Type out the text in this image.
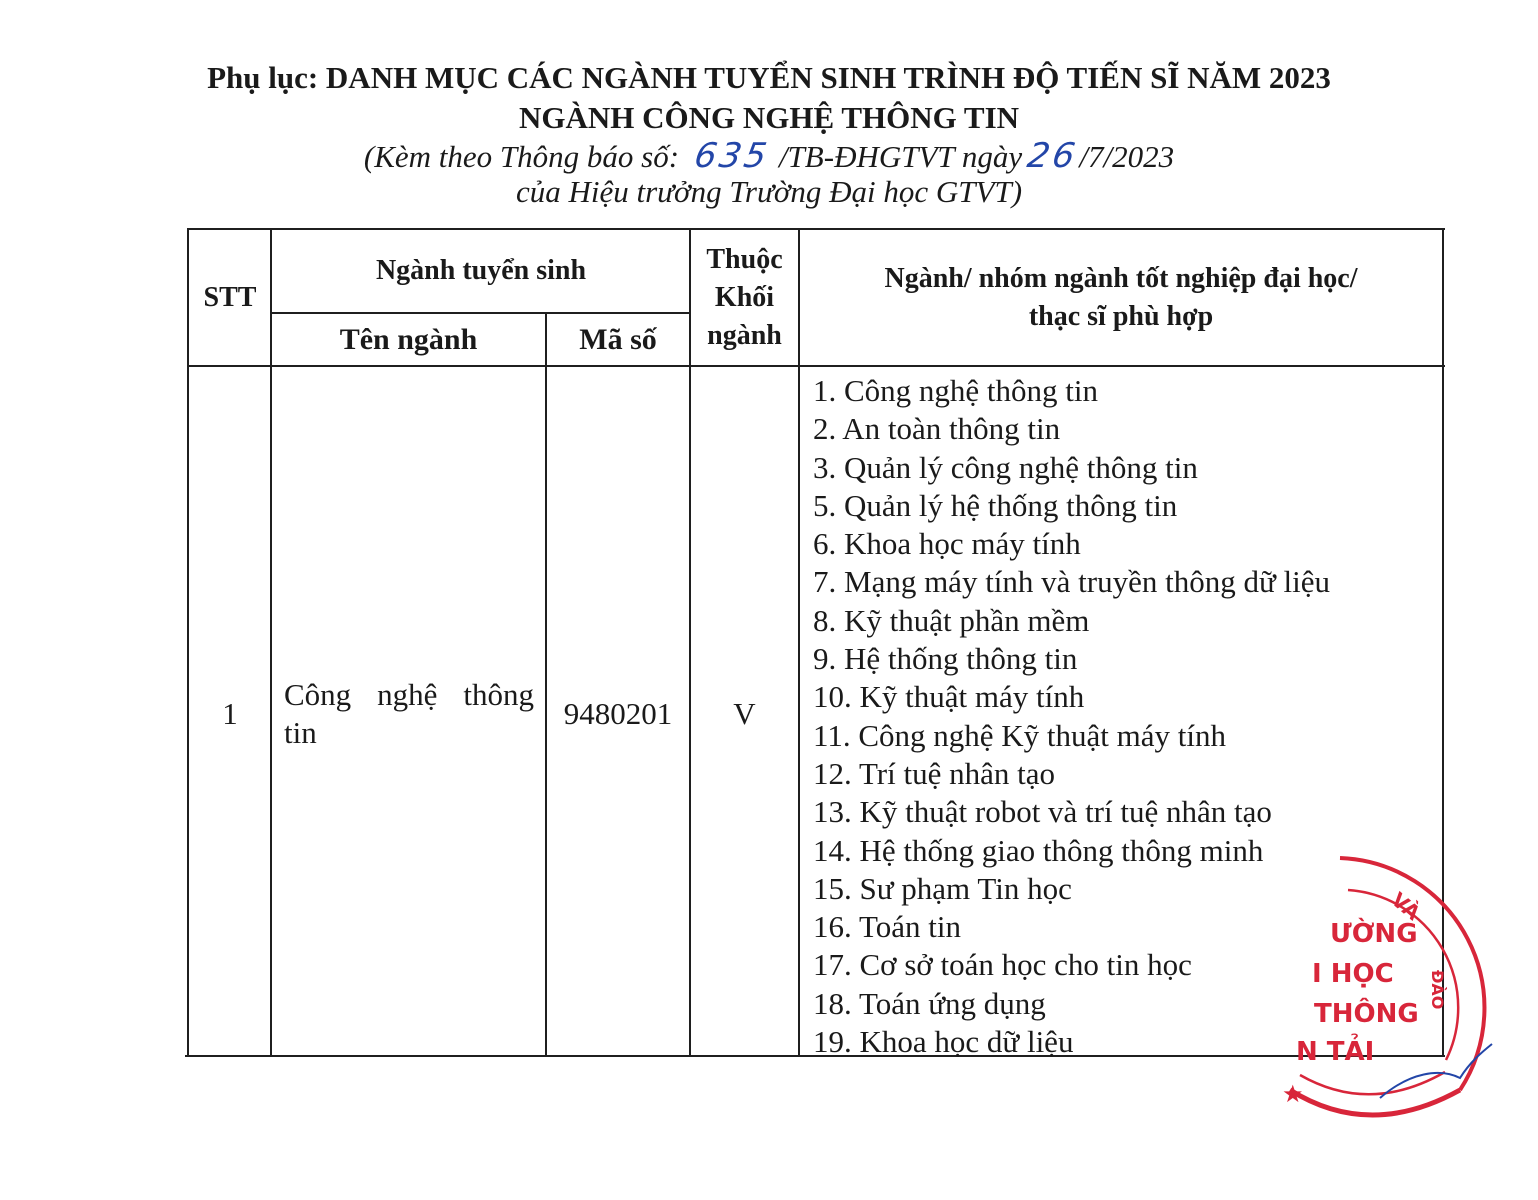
Phụ lục: DANH MỤC CÁC NGÀNH TUYỂN SINH TRÌNH ĐỘ TIẾN SĨ NĂM 2023
NGÀNH CÔNG NGHỆ THÔNG TIN
(Kèm theo Thông báo số: 635 /TB-ĐHGTVT ngày26/7/2023
của Hiệu trưởng Trường Đại học GTVT)
STT
Ngành tuyển sinh
Tên ngành	Mã số
Thuộc
Khối
ngành
Ngành/ nhóm ngành tốt nghiệp đại học/
thạc sĩ phù hợp
1
Công nghệ thông tin
9480201	V
1. Công nghệ thông tin
2. An toàn thông tin
3. Quản lý công nghệ thông tin
5. Quản lý hệ thống thông tin
6. Khoa học máy tính
7. Mạng máy tính và truyền thông dữ liệu
8. Kỹ thuật phần mềm
9. Hệ thống thông tin
10. Kỹ thuật máy tính
11. Công nghệ Kỹ thuật máy tính
12. Trí tuệ nhân tạo
13. Kỹ thuật robot và trí tuệ nhân tạo
14. Hệ thống giao thông thông minh
15. Sư phạm Tin học
16. Toán tin
17. Cơ sở toán học cho tin học
18. Toán ứng dụng
19. Khoa học dữ liệu
VÀ
ƯỜNG
I HỌC
THÔNG
N TẢI
ĐÀO
★
